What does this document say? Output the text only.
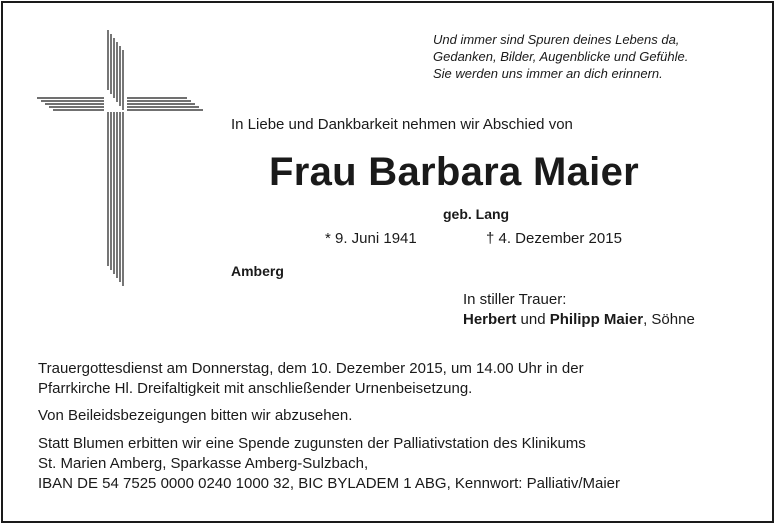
Und immer sind Spuren deines Lebens da,
Gedanken, Bilder, Augenblicke und Gefühle.
Sie werden uns immer an dich erinnern.
In Liebe und Dankbarkeit nehmen wir Abschied von
Frau Barbara Maier
geb. Lang
* 9. Juni 1941	† 4. Dezember 2015
Amberg
In stiller Trauer:
Herbert und Philipp Maier, Söhne
Trauergottesdienst am Donnerstag, dem 10. Dezember 2015, um 14.00 Uhr in der
Pfarrkirche Hl. Dreifaltigkeit mit anschließender Urnenbeisetzung.
Von Beileidsbezeigungen bitten wir abzusehen.
Statt Blumen erbitten wir eine Spende zugunsten der Palliativstation des Klinikums
St. Marien Amberg, Sparkasse Amberg-Sulzbach,
IBAN DE 54 7525 0000 0240 1000 32, BIC BYLADEM 1 ABG, Kennwort: Palliativ/Maier
